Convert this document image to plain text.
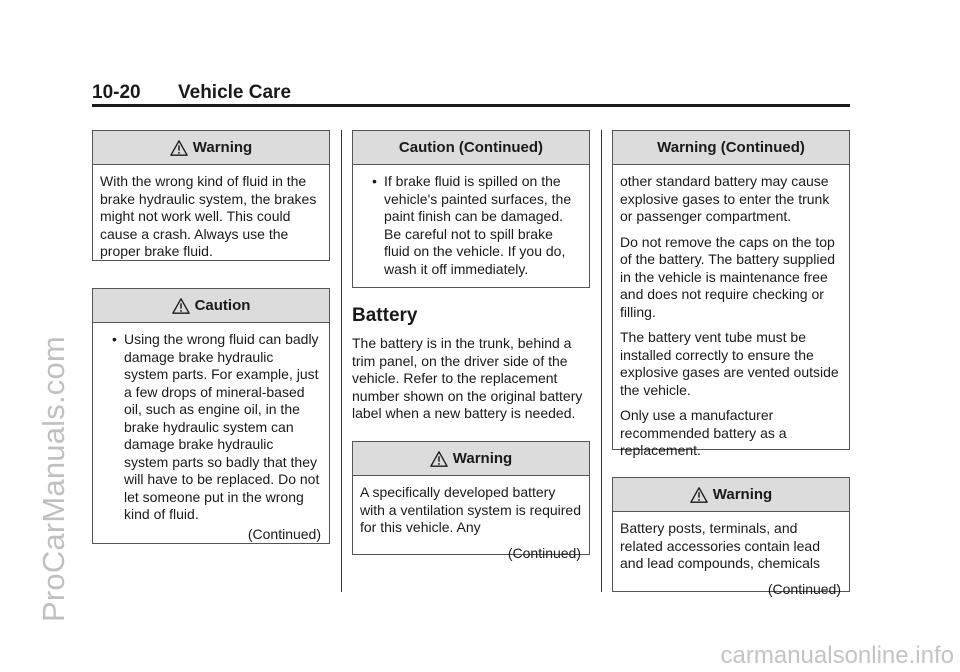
10-20 Vehicle Care
ProCarManuals.com
carmanualsonline.info
Warning

With the wrong kind of fluid in the brake hydraulic system, the brakes might not work well. This could cause a crash. Always use the proper brake fluid.

Caution
• Using the wrong fluid can badly damage brake hydraulic system parts. For example, just a few drops of mineral-based oil, such as engine oil, in the brake hydraulic system can damage brake hydraulic system parts so badly that they will have to be replaced. Do not let someone put in the wrong kind of fluid.
(Continued)
Caution (Continued)
• If brake fluid is spilled on the vehicle's painted surfaces, the paint finish can be damaged. Be careful not to spill brake fluid on the vehicle. If you do, wash it off immediately.
Battery
The battery is in the trunk, behind a trim panel, on the driver side of the vehicle. Refer to the replacement number shown on the original battery label when a new battery is needed.
Warning

A specifically developed battery with a ventilation system is required for this vehicle. Any

(Continued)
Warning (Continued)

other standard battery may cause explosive gases to enter the trunk or passenger compartment.

Do not remove the caps on the top of the battery. The battery supplied in the vehicle is maintenance free and does not require checking or filling.

The battery vent tube must be installed correctly to ensure the explosive gases are vented outside the vehicle.

Only use a manufacturer recommended battery as a replacement.

Warning

Battery posts, terminals, and related accessories contain lead and lead compounds, chemicals

(Continued)
